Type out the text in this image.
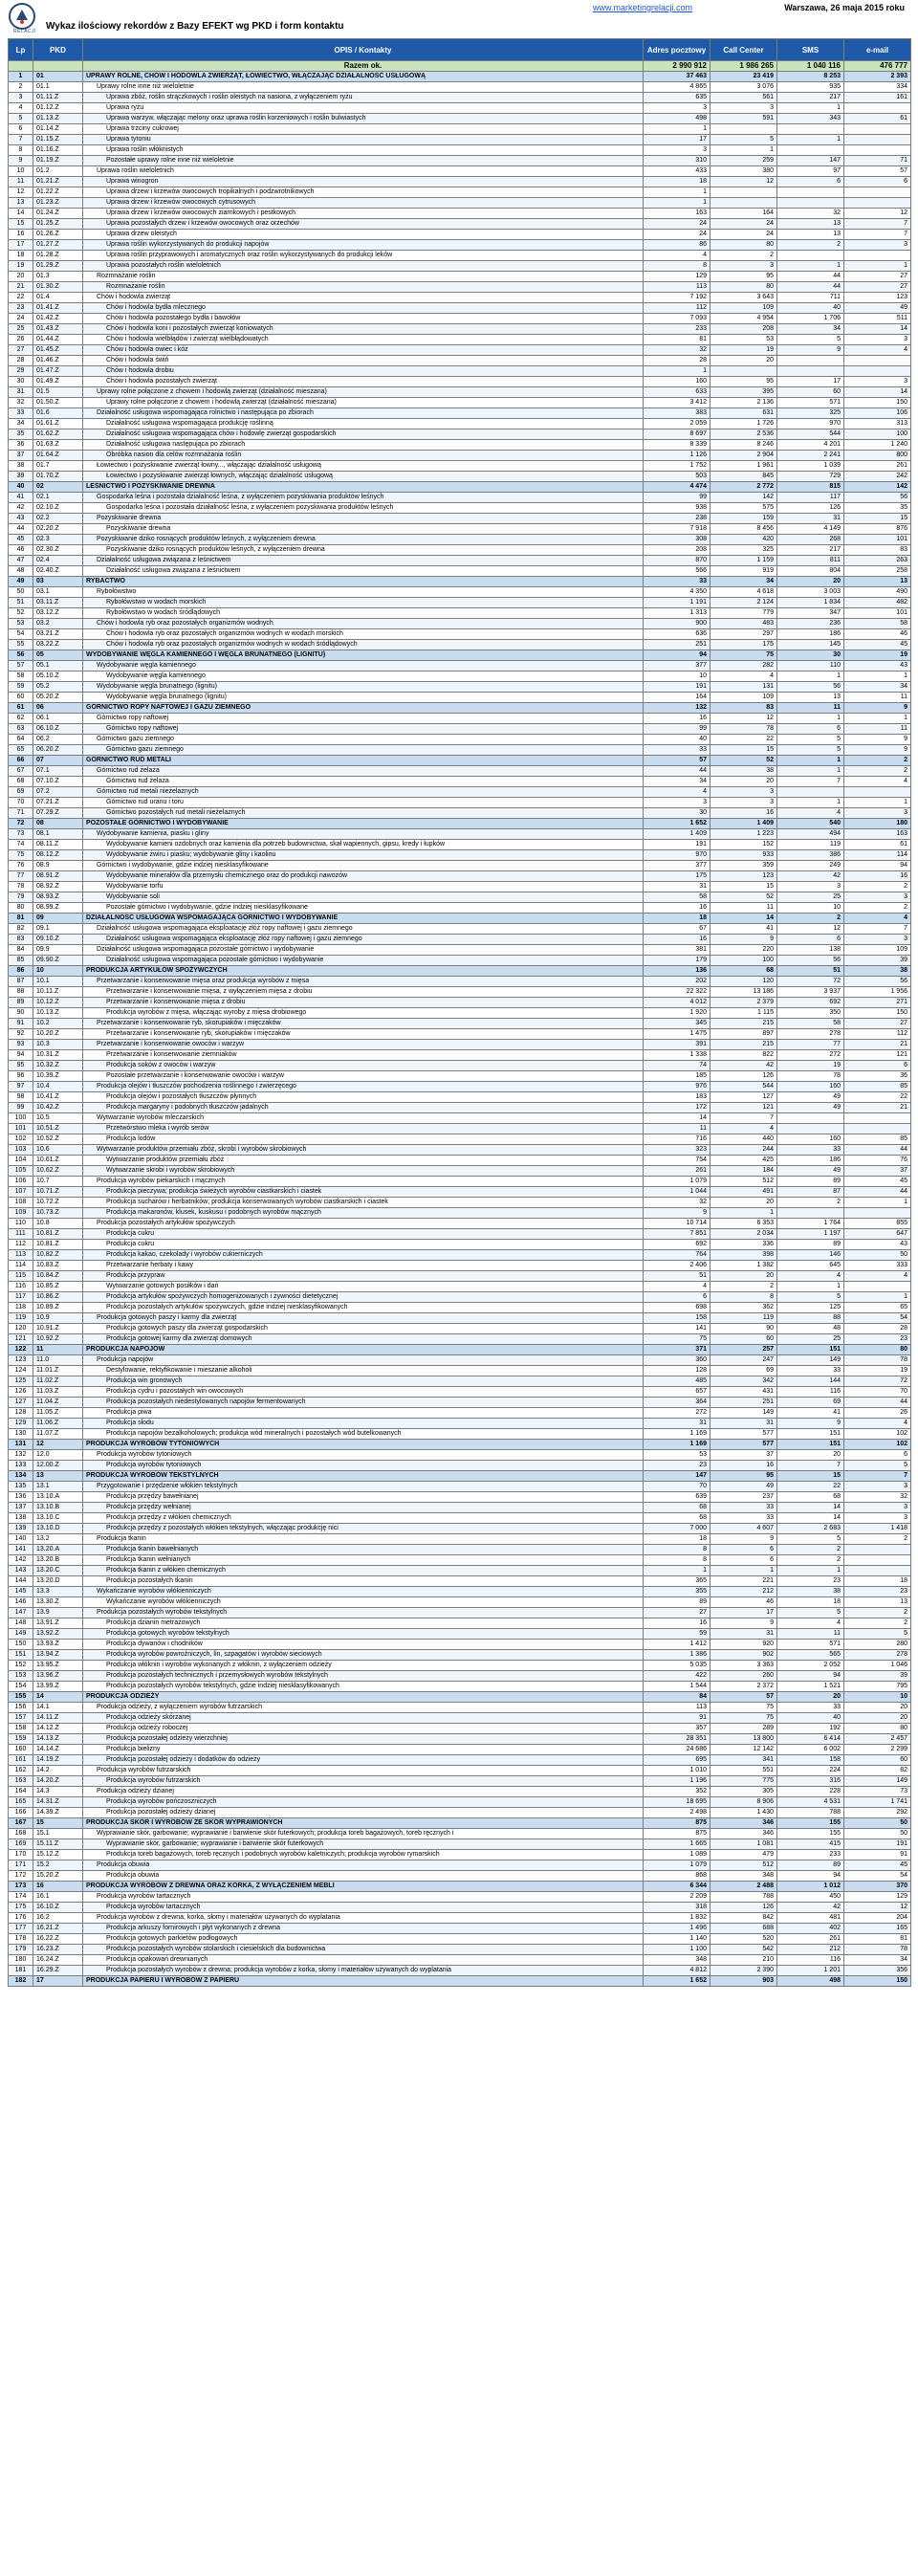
RELACJI
www.marketingrelacji.com	Warszawa, 26 maja 2015 roku
Wykaz ilościowy rekordów z Bazy EFEKT wg PKD i form kontaktu
Lp	PKD	OPIS / Kontakty	Adres pocztowy	Call Center	SMS	e-mail

		Razem ok.	2 990 912	1 986 265	1 040 116	476 777
1	01	UPRAWY ROLNE, CHÓW I HODOWLA ZWIERZĄT, ŁOWIECTWO, WŁĄCZAJĄC DZIAŁALNOŚĆ USŁUGOWĄ	37 463	23 419	8 253	2 393
2	01.1	Uprawy rolne inne niż wieloletnie	4 865	3 076	935	334
3	01.11.Z	Uprawa zbóż, roślin strączkowych i roślin oleistych na nasiona, z wyłączeniem ryżu	635	561	217	161
4	01.12.Z	Uprawa ryżu	3	3	1	
5	01.13.Z	Uprawa warzyw, włączając melony oraz uprawa roślin korzeniowych i roślin bulwiastych	498	591	343	61
6	01.14.Z	Uprawa trzciny cukrowej	1			
7	01.15.Z	Uprawa tytoniu	17	5	1	
8	01.16.Z	Uprawa roślin włóknistych	3	1		
9	01.19.Z	Pozostałe uprawy rolne inne niż wieloletnie	310	259	147	71
10	01.2	Uprawa roślin wieloletnich	433	380	97	57
11	01.21.Z	Uprawa winogron	18	12	6	6
12	01.22.Z	Uprawa drzew i krzewów owocowych tropikalnych i podzwrotnikowych	1			
13	01.23.Z	Uprawa drzew i krzewów owocowych cytrusowych	1			
14	01.24.Z	Uprawa drzew i krzewów owocowych ziarnkowych i pestkowych	163	164	32	12
15	01.25.Z	Uprawa pozostałych drzew i krzewów owocowych oraz orzechów	24	24	13	7
16	01.26.Z	Uprawa drzew oleistych	24	24	13	7
17	01.27.Z	Uprawa roślin wykorzystywanych do produkcji napojów	86	80	2	3
18	01.28.Z	Uprawa roślin przyprawowych i aromatycznych oraz roślin wykorzystywanych do produkcji leków	4	2		
19	01.29.Z	Uprawa pozostałych roślin wieloletnich	8	3	1	1
20	01.3	Rozmnażanie roślin	129	95	44	27
21	01.30.Z	Rozmnażanie roślin	113	80	44	27
22	01.4	Chów i hodowla zwierząt	7 192	3 643	711	123
23	01.41.Z	Chów i hodowla bydła mlecznego	112	109	40	49
24	01.42.Z	Chów i hodowla pozostałego bydła i bawołów	7 093	4 954	1 706	511
25	01.43.Z	Chów i hodowla koni i pozostałych zwierząt koniowatych	233	208	34	14
26	01.44.Z	Chów i hodowla wielbłądów i zwierząt wielbłądowatych	81	53	5	3
27	01.45.Z	Chów i hodowla owiec i kóz	32	19	9	4
28	01.46.Z	Chów i hodowla świń	28	20		
29	01.47.Z	Chów i hodowla drobiu	1			
30	01.49.Z	Chów i hodowla pozostałych zwierząt	160	95	17	3
31	01.5	Uprawy rolne połączone z chowem i hodowlą zwierząt (działalność mieszana)	633	395	60	14
32	01.50.Z	Uprawy rolne połączone z chowem i hodowlą zwierząt (działalność mieszana)	3 412	2 136	571	150
33	01.6	Działalność usługowa wspomagająca rolnictwo i następująca po zbiorach	383	631	325	106
34	01.61.Z	Działalność usługowa wspomagająca produkcję roślinną	2 059	1 726	970	313
35	01.62.Z	Działalność usługowa wspomagająca chów i hodowlę zwierząt gospodarskich	8 697	2 536	544	100
36	01.63.Z	Działalność usługowa następująca po zbiorach	8 339	8 246	4 201	1 240
37	01.64.Z	Obróbka nasion dla celów rozmnażania roślin	1 126	2 904	2 241	800
38	01.7	Łowiectwo i pozyskiwanie zwierząt łowny..., włączając działalność usługową	1 752	1 961	1 039	261
39	01.70.Z	Łowiectwo i pozyskiwanie zwierząt łownych, włączając działalność usługową	503	845	729	242
40	02	LEŚNICTWO I POZYSKIWANIE DREWNA	4 474	2 772	815	142
41	02.1	Gospodarka leśna i pozostała działalność leśna, z wyłączeniem pozyskiwania produktów leśnych	99	142	117	56
42	02.10.Z	Gospodarka leśna i pozostała działalność leśna, z wyłączeniem pozyskiwania produktów leśnych	938	575	126	35
43	02.2	Pozyskiwanie drewna	238	159	31	15
44	02.20.Z	Pozyskiwanie drewna	7 918	8 456	4 149	876
45	02.3	Pozyskiwanie dziko rosnących produktów leśnych, z wyłączeniem drewna	308	420	268	101
46	02.30.Z	Pozyskiwanie dziko rosnących produktów leśnych, z wyłączeniem drewna	208	325	217	83
47	02.4	Działalność usługowa związana z leśnictwem	870	1 159	811	263
48	02.40.Z	Działalność usługowa związana z leśnictwem	566	919	804	258
49	03	RYBACTWO	33	34	20	13
50	03.1	Rybołówstwo	4 350	4 618	3 003	490
51	03.11.Z	Rybołówstwo w wodach morskich	1 191	2 124	1 834	482
52	03.12.Z	Rybołówstwo w wodach śródlądowych	1 313	779	347	101
53	03.2	Chów i hodowla ryb oraz pozostałych organizmów wodnych	900	483	236	58
54	03.21.Z	Chów i hodowla ryb oraz pozostałych organizmów wodnych w wodach morskich	636	297	186	46
55	03.22.Z	Chów i hodowla ryb oraz pozostałych organizmów wodnych w wodach śródlądowych	251	175	145	45
56	05	WYDOBYWANIE WĘGLA KAMIENNEGO I WĘGLA BRUNATNEGO (LIGNITU)	94	75	30	19
57	05.1	Wydobywanie węgla kamiennego	377	282	110	43
58	05.10.Z	Wydobywanie węgla kamiennego	10	4	1	1
59	05.2	Wydobywanie węgla brunatnego (lignitu)	191	131	56	34
60	05.20.Z	Wydobywanie węgla brunatnego (lignitu)	164	109	13	11
61	06	GÓRNICTWO ROPY NAFTOWEJ I GAZU ZIEMNEGO	132	83	11	9
62	06.1	Górnictwo ropy naftowej	16	12	1	1
63	06.10.Z	Górnictwo ropy naftowej	99	78	6	11
64	06.2	Górnictwo gazu ziemnego	40	22	5	9
65	06.20.Z	Górnictwo gazu ziemnego	33	15	5	9
66	07	GÓRNICTWO RUD METALI	57	52	1	2
67	07.1	Górnictwo rud żelaza	44	38	1	2
68	07.10.Z	Górnictwo rud żelaza	34	20	7	4
69	07.2	Górnictwo rud metali nieżelaznych	4	3		
70	07.21.Z	Górnictwo rud uranu i toru	3	3	1	1
71	07.29.Z	Górnictwo pozostałych rud metali nieżelaznych	30	16	4	3
72	08	POZOSTAŁE GÓRNICTWO I WYDOBYWANIE	1 652	1 409	540	180
73	08.1	Wydobywanie kamienia, piasku i gliny	1 409	1 223	494	163
74	08.11.Z	Wydobywanie kamieni ozdobnych oraz kamienia dla potrzeb budownictwa, skał wapiennych, gipsu, kredy i łupków	191	152	119	61
75	08.12.Z	Wydobywanie żwiru i piasku; wydobywanie gliny i kaolinu	970	933	386	114
76	08.9	Górnictwo i wydobywanie, gdzie indziej niesklasyfikowane	377	359	249	94
77	08.91.Z	Wydobywanie minerałów dla przemysłu chemicznego oraz do produkcji nawozów	175	123	42	16
78	08.92.Z	Wydobywanie torfu	31	15	3	2
79	08.93.Z	Wydobywanie soli	58	52	25	3
80	08.99.Z	Pozostałe górnictwo i wydobywanie, gdzie indziej niesklasyfikowane	16	11	10	2
81	09	DZIAŁALNOŚĆ USŁUGOWA WSPOMAGAJĄCA GÓRNICTWO I WYDOBYWANIE	18	14	2	4
82	09.1	Działalność usługowa wspomagająca eksploatację złóż ropy naftowej i gazu ziemnego	67	41	12	7
83	09.10.Z	Działalność usługowa wspomagająca eksploatację złóż ropy naftowej i gazu ziemnego	16	9	6	3
84	09.9	Działalność usługowa wspomagająca pozostałe górnictwo i wydobywanie	381	220	138	109
85	09.90.Z	Działalność usługowa wspomagająca pozostałe górnictwo i wydobywanie	179	100	56	39
86	10	PRODUKCJA ARTYKUŁÓW SPOŻYWCZYCH	136	68	51	38
87	10.1	Przetwarzanie i konserwowanie mięsa oraz produkcja wyrobów z mięsa	202	120	72	56
88	10.11.Z	Przetwarzanie i konserwowanie mięsa, z wyłączeniem mięsa z drobiu	22 322	13 186	3 937	1 956
89	10.12.Z	Przetwarzanie i konserwowanie mięsa z drobiu	4 012	2 379	692	271
90	10.13.Z	Produkcja wyrobów z mięsa, włączając wyroby z mięsa drobiowego	1 920	1 115	350	150
91	10.2	Przetwarzanie i konserwowanie ryb, skorupiaków i mięczaków	345	215	58	27
92	10.20.Z	Przetwarzanie i konserwowanie ryb, skorupiaków i mięczaków	1 475	897	278	112
93	10.3	Przetwarzanie i konserwowanie owoców i warzyw	391	215	77	21
94	10.31.Z	Przetwarzanie i konserwowanie ziemniaków	1 338	822	272	121
95	10.32.Z	Produkcja soków z owoców i warzyw	74	42	19	6
96	10.39.Z	Pozostałe przetwarzanie i konserwowanie owoców i warzyw	185	126	78	36
97	10.4	Produkcja olejów i tłuszczów pochodzenia roślinnego i zwierzęcego	976	544	160	85
98	10.41.Z	Produkcja olejów i pozostałych tłuszczów płynnych	183	127	49	22
99	10.42.Z	Produkcja margaryny i podobnych tłuszczów jadalnych	172	121	49	21
100	10.5	Wytwarzanie wyrobów mleczarskich	14	7		
101	10.51.Z	Przetwórstwo mleka i wyrób serów	11	4		
102	10.52.Z	Produkcja lodów	716	440	160	85
103	10.6	Wytwarzanie produktów przemiału zbóż, skrobi i wyrobów skrobiowych	323	244	33	44
104	10.61.Z	Wytwarzanie produktów przemiału zbóż	754	425	186	76
105	10.62.Z	Wytwarzanie skrobi i wyrobów skrobiowych	261	184	49	37
106	10.7	Produkcja wyrobów piekarskich i mącznych	1 079	512	89	45
107	10.71.Z	Produkcja pieczywa; produkcja świeżych wyrobów ciastkarskich i ciastek	1 044	491	87	44
108	10.72.Z	Produkcja sucharów i herbatników; produkcja konserwowanych wyrobów ciastkarskich i ciastek	32	20	2	1
109	10.73.Z	Produkcja makaronów, klusek, kuskusu i podobnych wyrobów mącznych	9	1		
110	10.8	Produkcja pozostałych artykułów spożywczych	10 714	6 353	1 764	855
111	10.81.Z	Produkcja cukru	7 851	2 034	1 197	647
112	10.81.Z	Produkcja cukru	692	336	89	43
113	10.82.Z	Produkcja kakao, czekolady i wyrobów cukierniczych	764	398	146	50
114	10.83.Z	Przetwarzanie herbaty i kawy	2 406	1 382	645	333
115	10.84.Z	Produkcja przypraw	51	20	4	4
116	10.85.Z	Wytwarzanie gotowych posiłków i dań	4	2	1	
117	10.86.Z	Produkcja artykułów spożywczych homogenizowanych i żywności dietetycznej	6	8	5	1
118	10.89.Z	Produkcja pozostałych artykułów spożywczych, gdzie indziej niesklasyfikowanych	698	362	125	65
119	10.9	Produkcja gotowych paszy i karmy dla zwierząt	158	119	88	54
120	10.91.Z	Produkcja gotowych paszy dla zwierząt gospodarskich	141	90	48	28
121	10.92.Z	Produkcja gotowej karmy dla zwierząt domowych	75	60	25	23
122	11	PRODUKCJA NAPOJÓW	371	257	151	80
123	11.0	Produkcja napojów	360	247	149	78
124	11.01.Z	Destylowanie, rektyfikowanie i mieszanie alkoholi	128	69	33	19
125	11.02.Z	Produkcja win gronowych	485	342	144	72
126	11.03.Z	Produkcja cydru i pozostałych win owocowych	657	431	116	70
127	11.04.Z	Produkcja pozostałych niedestylowanych napojów fermentowanych	364	251	69	44
128	11.05.Z	Produkcja piwa	272	149	41	26
129	11.06.Z	Produkcja słodu	31	31	9	4
130	11.07.Z	Produkcja napojów bezalkoholowych; produkcja wód mineralnych i pozostałych wód butelkowanych	1 169	577	151	102
131	12	PRODUKCJA WYROBÓW TYTONIOWYCH	1 169	577	151	102
132	12.0	Produkcja wyrobów tytoniowych	53	37	20	6
133	12.00.Z	Produkcja wyrobów tytoniowych	23	16	7	5
134	13	PRODUKCJA WYROBÓW TEKSTYLNYCH	147	95	15	7
135	13.1	Przygotowanie i przędzenie włókien tekstylnych	70	49	22	3
136	13.10.A	Produkcja przędzy bawełnianej	639	237	68	32
137	13.10.B	Produkcja przędzy wełnianej	68	33	14	3
138	13.10.C	Produkcja przędzy z włókien chemicznych	68	33	14	3
139	13.10.D	Produkcja przędzy z pozostałych włókien tekstylnych, włączając produkcję nici	7 000	4 607	2 683	1 418
140	13.2	Produkcja tkanin	18	9	5	2
141	13.20.A	Produkcja tkanin bawełnianych	8	6	2	
142	13.20.B	Produkcja tkanin wełnianych	8	6	2	
143	13.20.C	Produkcja tkanin z włókien chemicznych	1	1	1	
144	13.20.D	Produkcja pozostałych tkanin	365	221	23	18
145	13.3	Wykańczanie wyrobów włókienniczych	355	212	38	23
146	13.30.Z	Wykańczanie wyrobów włókienniczych	89	46	18	13
147	13.9	Produkcja pozostałych wyrobów tekstylnych	27	17	5	2
148	13.91.Z	Produkcja dzianin metrażowych	16	9	4	2
149	13.92.Z	Produkcja gotowych wyrobów tekstylnych	59	31	11	5
150	13.93.Z	Produkcja dywanów i chodników	1 412	920	571	280
151	13.94.Z	Produkcja wyrobów powroźniczych, lin, szpagatów i wyrobów sieciowych	1 386	902	565	278
152	13.95.Z	Produkcja włóknin i wyrobów wykonanych z włóknin, z wyłączeniem odzieży	5 035	3 363	2 052	1 046
153	13.96.Z	Produkcja pozostałych technicznych i przemysłowych wyrobów tekstylnych	422	260	94	39
154	13.99.Z	Produkcja pozostałych wyrobów tekstylnych, gdzie indziej niesklasyfikowanych	1 544	2 372	1 521	795
155	14	PRODUKCJA ODZIEŻY	84	57	20	10
156	14.1	Produkcja odzieży, z wyłączeniem wyrobów futrzarskich	113	75	33	20
157	14.11.Z	Produkcja odzieży skórzanej	91	75	40	20
158	14.12.Z	Produkcja odzieży roboczej	357	289	192	80
159	14.13.Z	Produkcja pozostałej odzieży wierzchniej	28 351	13 800	6 414	2 457
160	14.14.Z	Produkcja bielizny	24 686	12 142	6 002	2 299
161	14.19.Z	Produkcja pozostałej odzieży i dodatków do odzieży	695	341	158	60
162	14.2	Produkcja wyrobów futrzarskich	1 010	551	224	82
163	14.20.Z	Produkcja wyrobów futrzarskich	1 196	775	316	149
164	14.3	Produkcja odzieży dzianej	352	305	228	73
165	14.31.Z	Produkcja wyrobów pończoszniczych	18 695	8 906	4 531	1 741
166	14.39.Z	Produkcja pozostałej odzieży dzianej	2 498	1 430	788	292
167	15	PRODUKCJA SKÓR I WYROBÓW ZE SKÓR WYPRAWIONYCH	875	346	155	50
168	15.1	Wyprawianie skór, garbowanie; wyprawianie i barwienie skór futerkowych; produkcja toreb bagażowych, toreb ręcznych i	875	346	155	50
169	15.11.Z	Wyprawianie skór, garbowanie; wyprawianie i barwienie skór futerkowych	1 665	1 081	415	191
170	15.12.Z	Produkcja toreb bagażowych, toreb ręcznych i podobnych wyrobów kaletniczych; produkcja wyrobów rymarskich	1 089	479	233	91
171	15.2	Produkcja obuwia	1 079	512	89	45
172	15.20.Z	Produkcja obuwia	868	348	94	54
173	16	PRODUKCJA WYROBÓW Z DREWNA ORAZ KORKA, Z WYŁĄCZENIEM MEBLI	6 344	2 488	1 012	370
174	16.1	Produkcja wyrobów tartacznych	2 209	788	450	129
175	16.10.Z	Produkcja wyrobów tartacznych	318	126	42	12
176	16.2	Produkcja wyrobów z drewna, korka, słomy i materiałów używanych do wyplatania	1 832	842	481	204
177	16.21.Z	Produkcja arkuszy fornirowych i płyt wykonanych z drewna	1 496	688	402	165
178	16.22.Z	Produkcja gotowych parkietów podłogowych	1 140	520	261	81
179	16.23.Z	Produkcja pozostałych wyrobów stolarskich i ciesielskich dla budownictwa	1 100	542	212	78
180	16.24.Z	Produkcja opakowań drewnianych	348	210	116	34
181	16.29.Z	Produkcja pozostałych wyrobów z drewna; produkcja wyrobów z korka, słomy i materiałów używanych do wyplatania	4 812	2 390	1 201	356
182	17	PRODUKCJA PAPIERU I WYROBÓW Z PAPIERU	1 652	903	498	150
